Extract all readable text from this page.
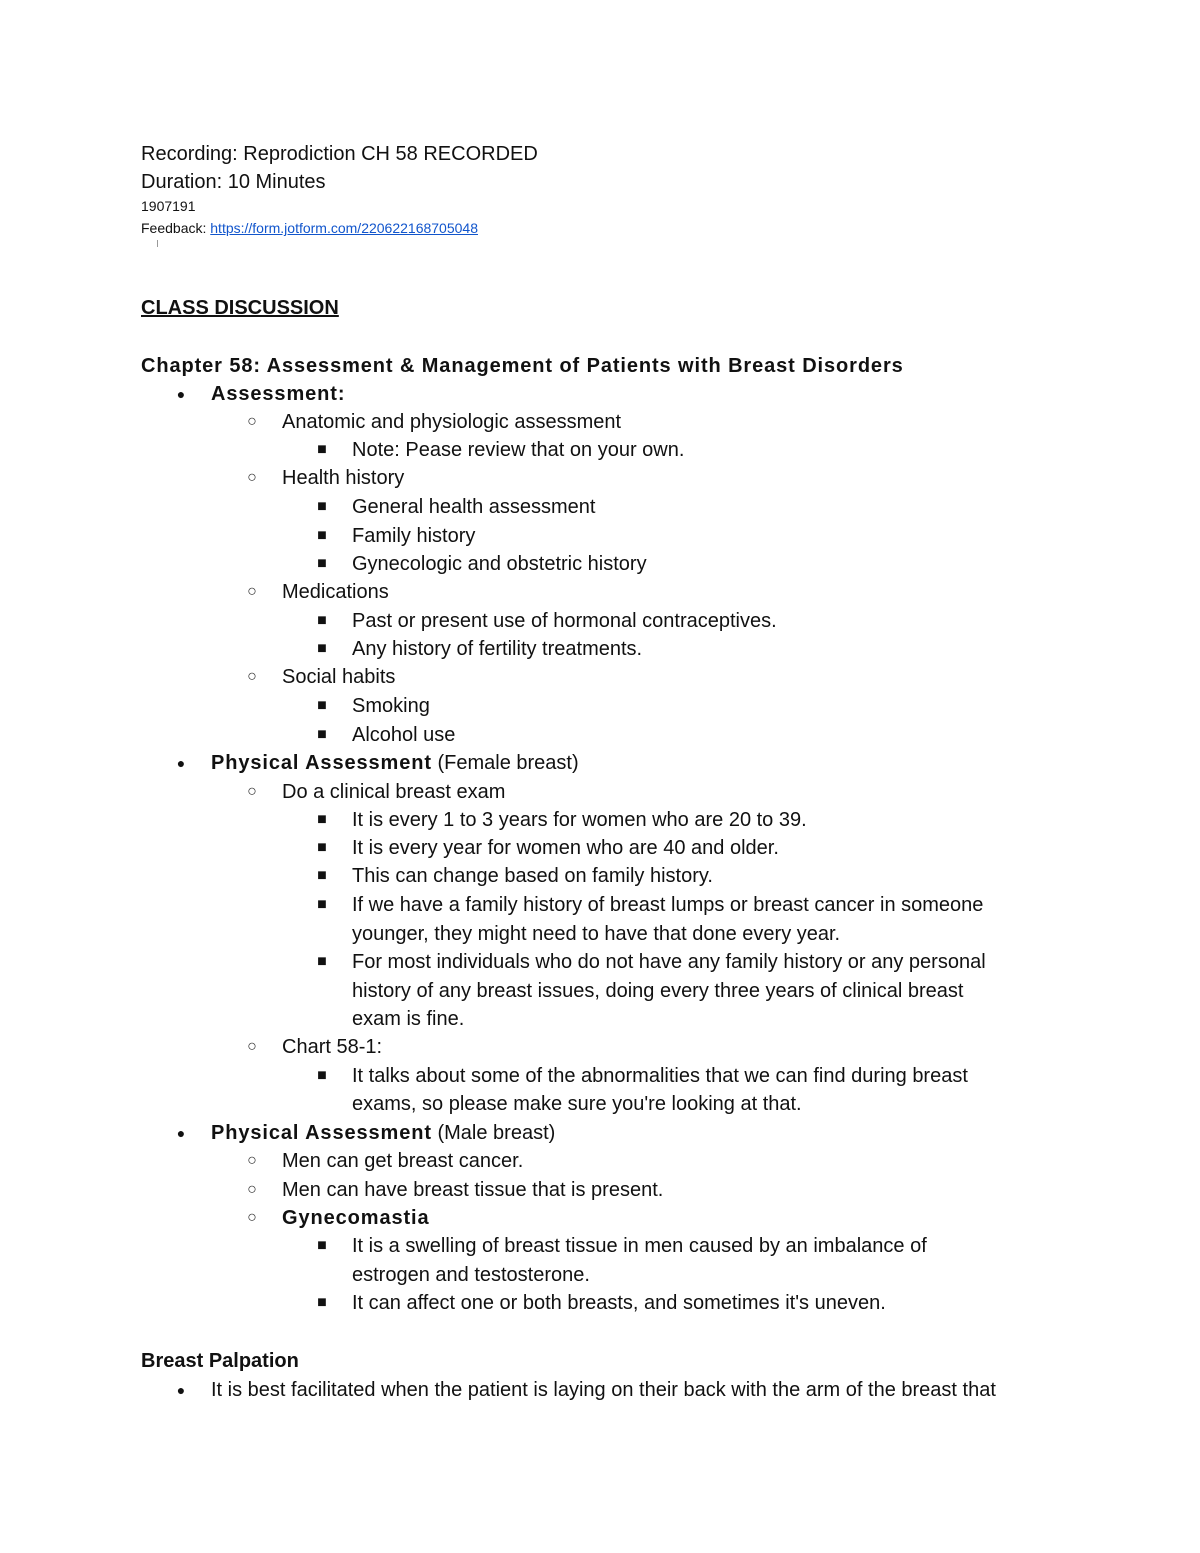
Recording: Reprodiction CH 58 RECORDED
Duration: 10 Minutes
1907191
Feedback: https://form.jotform.com/220622168705048
CLASS DISCUSSION
Chapter 58: Assessment & Management of Patients with Breast Disorders
● Assessment:
○ Anatomic and physiologic assessment
■ Note: Pease review that on your own.
○ Health history
■ General health assessment
■ Family history
■ Gynecologic and obstetric history
○ Medications
■ Past or present use of hormonal contraceptives.
■ Any history of fertility treatments.
○ Social habits
■ Smoking
■ Alcohol use
● Physical Assessment (Female breast)
○ Do a clinical breast exam
■ It is every 1 to 3 years for women who are 20 to 39.
■ It is every year for women who are 40 and older.
■ This can change based on family history.
■ If we have a family history of breast lumps or breast cancer in someone
younger, they might need to have that done every year.
■ For most individuals who do not have any family history or any personal
history of any breast issues, doing every three years of clinical breast
exam is fine.
○ Chart 58-1:
■ It talks about some of the abnormalities that we can find during breast
exams, so please make sure you're looking at that.
● Physical Assessment (Male breast)
○ Men can get breast cancer.
○ Men can have breast tissue that is present.
○ Gynecomastia
■ It is a swelling of breast tissue in men caused by an imbalance of
estrogen and testosterone.
■ It can affect one or both breasts, and sometimes it's uneven.
Breast Palpation
● It is best facilitated when the patient is laying on their back with the arm of the breast that
